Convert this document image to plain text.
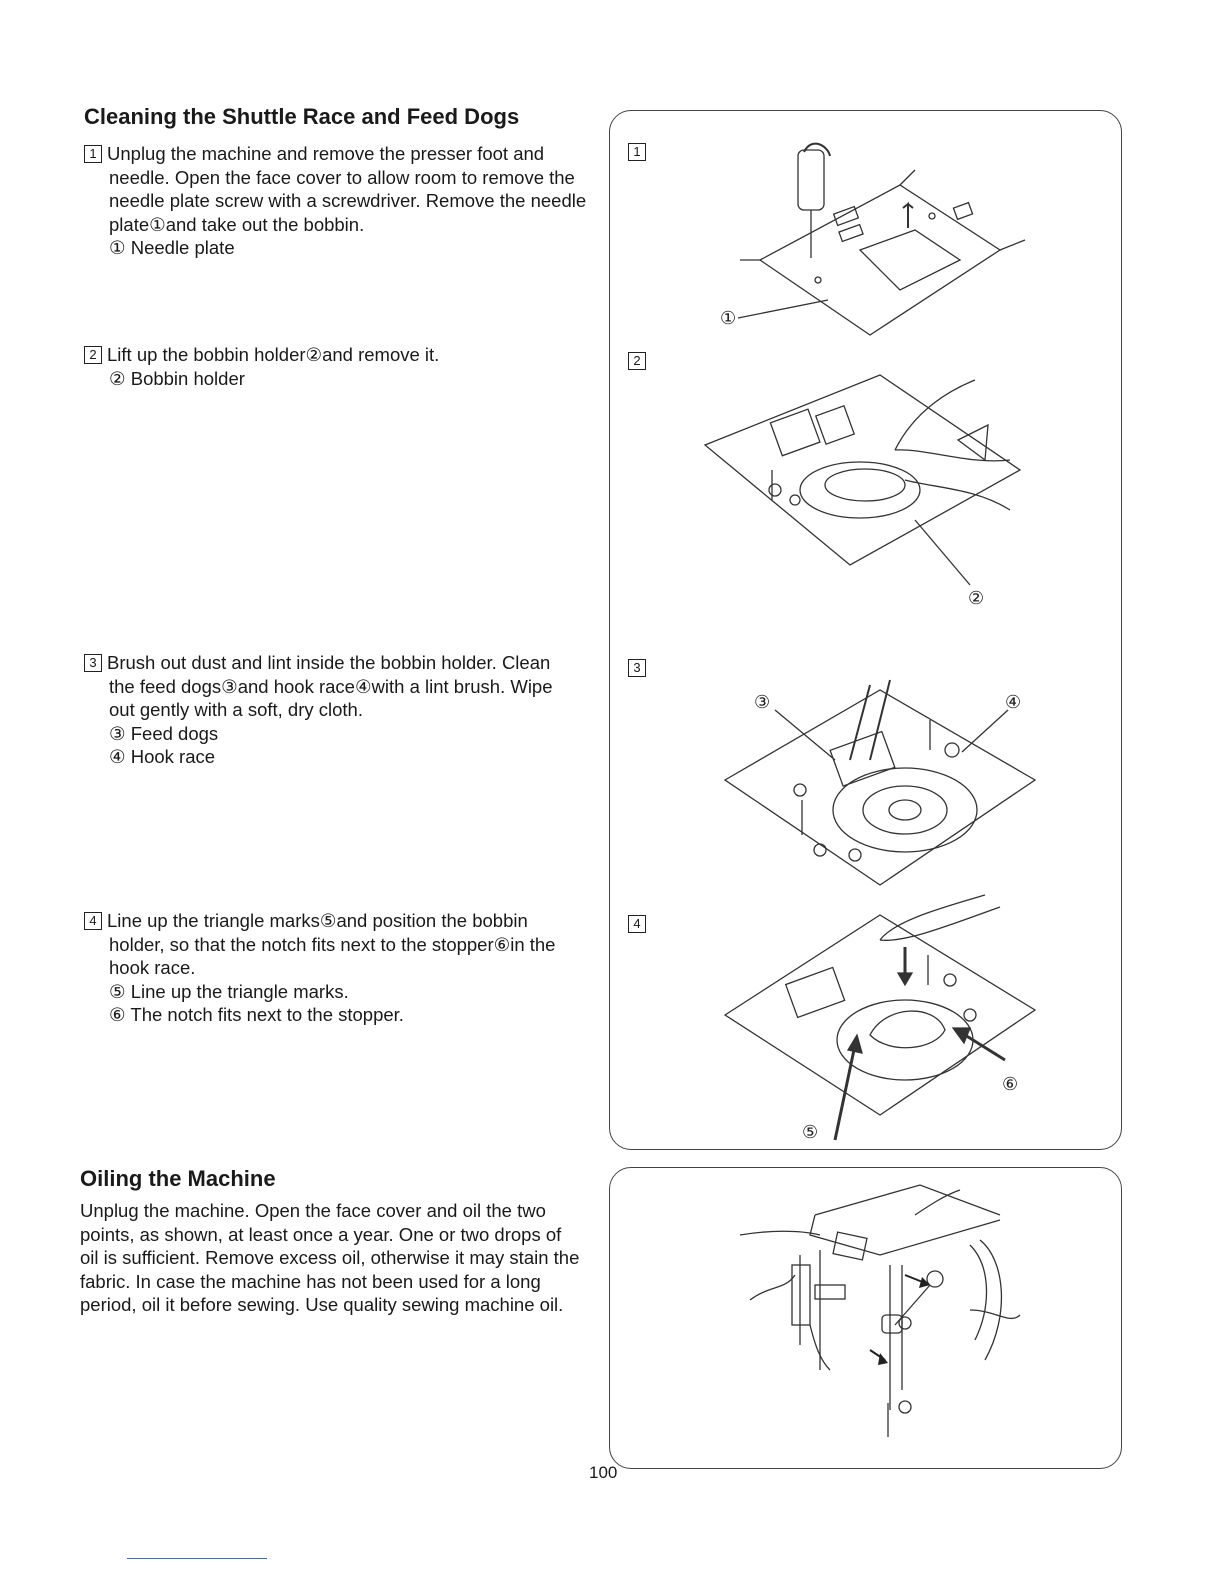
Cleaning the Shuttle Race and Feed Dogs
1 Unplug the machine and remove the presser foot and
needle. Open the face cover to allow room to remove the
needle plate screw with a screwdriver. Remove the needle
plate①and take out the bobbin.
① Needle plate
2 Lift up the bobbin holder②and remove it.
② Bobbin holder
3 Brush out dust and lint inside the bobbin holder. Clean
the feed dogs③and hook race④with a lint brush. Wipe
out gently with a soft, dry cloth.
③ Feed dogs
④ Hook race
4 Line up the triangle marks⑤and position the bobbin
holder, so that the notch fits next to the stopper⑥in the
hook race.
⑤ Line up the triangle marks.
⑥ The notch fits next to the stopper.
Oiling the Machine
Unplug the machine. Open the face cover and oil the two
points, as shown, at least once a year. One or two drops of
oil is sufficient. Remove excess oil, otherwise it may stain the
fabric. In case the machine has not been used for a long
period, oil it before sewing. Use quality sewing machine oil.
1
2
3
4
①
②
③	④
⑥
⑤
100
